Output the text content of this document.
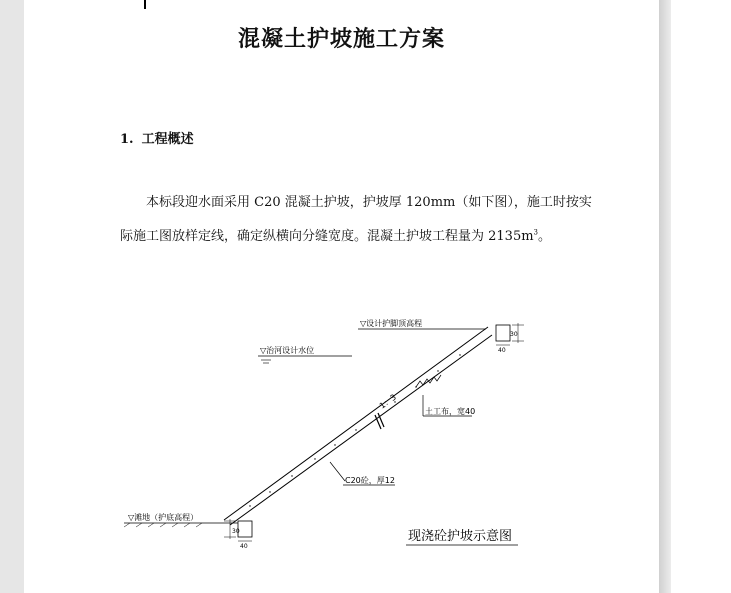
混凝土护坡施工方案
1. 工程概述
本标段迎水面采用 C20 混凝土护坡，护坡厚 120mm（如下图），施工时按实
际施工图放样定线，确定纵横向分缝宽度。混凝土护坡工程量为 $2135m^3$。
▽设计护脚顶高程
▽治河设计水位
1：3
土工布，宽40
C20砼，厚12
40
30
▽滩地（护底高程）
30
40
现浇砼护坡示意图
